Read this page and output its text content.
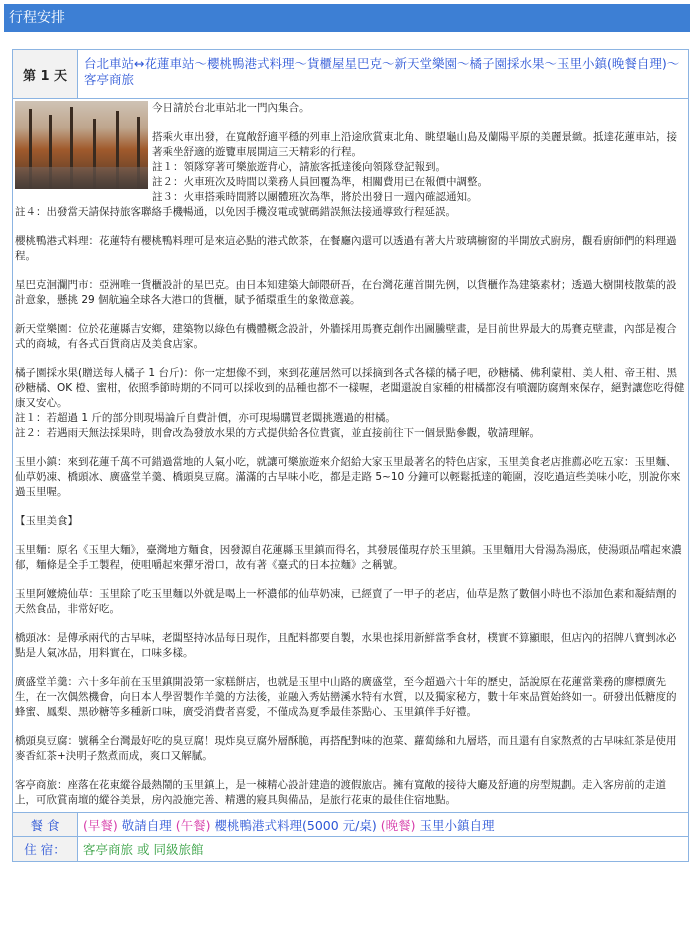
行程安排
第 1 天
台北車站↔花蓮車站～櫻桃鴨港式料理～貨櫃屋星巴克～新天堂樂園～橘子園採水果～玉里小鎮(晚餐自理)～客亭商旅

今日請於台北車站北一門內集合。

搭乘火車出發，在寬敞舒適平穩的列車上沿途欣賞東北角、眺望龜山島及蘭陽平原的美麗景緻。抵達花蓮車站，接著乘坐舒適的遊覽車展開這三天精彩的行程。

註１：領隊穿著可樂旅遊背心，請旅客抵達後向領隊登記報到。

註２：火車班次及時間以業務人員回覆為準，相關費用已在報價中調整。

註３：火車搭乘時間將以團體班次為準，將於出發日一週內確認通知。

註４：出發當天請保持旅客聯絡手機暢通，以免因手機沒電或號碼錯誤無法接通導致行程延誤。

櫻桃鴨港式料理：花蓮特有櫻桃鴨料理可是來這必點的港式飲茶，在餐廳內還可以透過有著大片玻璃櫥窗的半開放式廚房，觀看廚師們的料理過程。

星巴克洄瀾門市：亞洲唯一貨櫃設計的星巴克。由日本知建築大師隈研吾，在台灣花蓮首開先例，以貨櫃作為建築素材；透過大樹開枝散葉的設計意象，懸挑 29 個航遍全球各大港口的貨櫃，賦予循環重生的象徵意義。

新天堂樂園：位於花蓮縣吉安鄉，建築物以綠色有機體概念設計，外牆採用馬賽克創作出圖騰壁畫，是目前世界最大的馬賽克壁畫，內部是複合式的商城，有各式百貨商店及美食店家。

橘子園採水果(贈送每人橘子 1 台斤)：你一定想像不到，來到花蓮居然可以採摘到各式各樣的橘子吧，砂糖橘、佛利蒙柑、美人柑、帝王柑、黑砂糖橘、OK 橙、蜜柑，依照季節時期的不同可以採收到的品種也都不一樣喔，老闆還說自家種的柑橘都沒有噴灑防腐劑來保存，絕對讓您吃得健康又安心。

註１：若超過 1 斤的部分則現場論斤自費計價，亦可現場購買老闆挑選過的柑橘。

註２：若遇雨天無法採果時，則會改為發放水果的方式提供給各位貴賓，並直接前往下一個景點參觀，敬請理解。

玉里小鎮：來到花蓮千萬不可錯過當地的人氣小吃，就讓可樂旅遊來介紹給大家玉里最著名的特色店家，玉里美食老店推薦必吃五家：玉里麵、仙草奶凍、橋頭冰、廣盛堂羊羹、橋頭臭豆腐。滿滿的古早味小吃，都是走路 5~10 分鐘可以輕鬆抵達的範圍，沒吃過這些美味小吃，別說你來過玉里喔。

【玉里美食】

玉里麵：原名《玉里大麵》，臺灣地方麵食，因發源自花蓮縣玉里鎮而得名，其發展僅現存於玉里鎮。玉里麵用大骨湯為湯底，使湯頭品嚐起來濃郁，麵條是全手工製程，使咀嚼起來彈牙滑口，故有著《臺式的日本拉麵》之稱號。

玉里阿嬤燒仙草：玉里除了吃玉里麵以外就是喝上一杯濃郁的仙草奶凍，已經賣了一甲子的老店，仙草是熬了數個小時也不添加色素和凝結劑的天然食品，非常好吃。

橋頭冰：是傳承兩代的古早味，老闆堅持冰品每日現作，且配料都要自製，水果也採用新鮮當季食材，樸實不算顯眼，但店內的招牌八寶剉冰必點是人氣冰品，用料實在，口味多樣。

廣盛堂羊羹：六十多年前在玉里鎮開設第一家糕餅店，也就是玉里中山路的廣盛堂，至今超過六十年的歷史，話說原在花蓮當業務的廖標廣先生，在一次偶然機會，向日本人學習製作羊羹的方法後，並融入秀姑巒溪水特有水質，以及獨家秘方，數十年來品質始終如一。研發出低糖度的蜂蜜、鳳梨、黑砂糖等多種新口味，廣受消費者喜愛，不僅成為夏季最佳茶點心、玉里鎮伴手好禮。

橋頭臭豆腐：號稱全台灣最好吃的臭豆腐！現炸臭豆腐外層酥脆，再搭配對味的泡菜、蘿蔔絲和九層塔，而且還有自家熬煮的古早味紅茶是使用麥香紅茶+決明子熬煮而成，爽口又解膩。

客亭商旅：座落在花東縱谷最熱鬧的玉里鎮上，是一棟精心設計建造的渡假旅店。擁有寬敞的接待大廳及舒適的房型規劃。走入客房前的走道上，可欣賞南壇的縱谷美景，房內設施完善、精選的寢具與備品，是旅行花東的最佳住宿地點。

餐 食	(早餐)
敬請自理
(午餐)
櫻桃鴨港式料理(5000 元/桌)
(晚餐)
玉里小鎮自理
住 宿：	客亭商旅 或 同級旅館
